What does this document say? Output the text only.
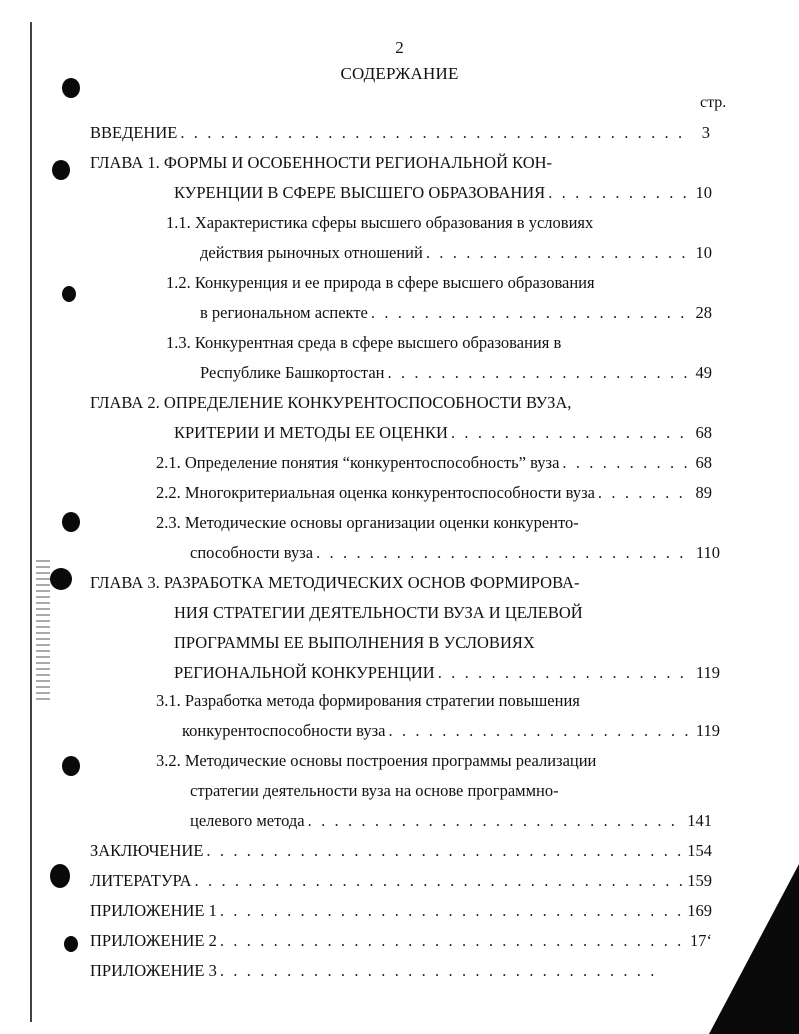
2
СОДЕРЖАНИЕ
стр.
ВВЕДЕНИЕ . . .	3
ГЛАВА 1. ФОРМЫ И ОСОБЕННОСТИ РЕГИОНАЛЬНОЙ КОН-
КУРЕНЦИИ В СФЕРЕ ВЫСШЕГО ОБРАЗОВАНИЯ . . .	10
1.1. Характеристика сферы высшего образования в условиях
действия рыночных отношений . . .	10
1.2. Конкуренция и ее природа в сфере высшего образования
в региональном аспекте . . .	28
1.3. Конкурентная среда в сфере высшего образования в
Республике Башкортостан . . .	49
ГЛАВА 2. ОПРЕДЕЛЕНИЕ КОНКУРЕНТОСПОСОБНОСТИ ВУЗА,
КРИТЕРИИ И МЕТОДЫ ЕЕ ОЦЕНКИ . . .	68
2.1. Определение понятия “конкурентоспособность” вуза . . .	68
2.2. Многокритериальная оценка конкурентоспособности вуза . . .	89
2.3. Методические основы организации оценки конкуренто-
способности вуза . . .	110
ГЛАВА 3. РАЗРАБОТКА МЕТОДИЧЕСКИХ ОСНОВ ФОРМИРОВА-
НИЯ СТРАТЕГИИ ДЕЯТЕЛЬНОСТИ ВУЗА И ЦЕЛЕВОЙ
ПРОГРАММЫ ЕЕ ВЫПОЛНЕНИЯ В УСЛОВИЯХ
РЕГИОНАЛЬНОЙ КОНКУРЕНЦИИ . . .	119
3.1. Разработка метода формирования стратегии повышения
конкурентоспособности вуза . . .	119
3.2. Методические основы построения программы реализации
стратегии деятельности вуза на основе программно-
целевого метода . . .	141
ЗАКЛЮЧЕНИЕ . . .	154
ЛИТЕРАТУРА . . .	159
ПРИЛОЖЕНИЕ 1 . . .	169
ПРИЛОЖЕНИЕ 2 . . .	17‘
ПРИЛОЖЕНИЕ 3
. . .
